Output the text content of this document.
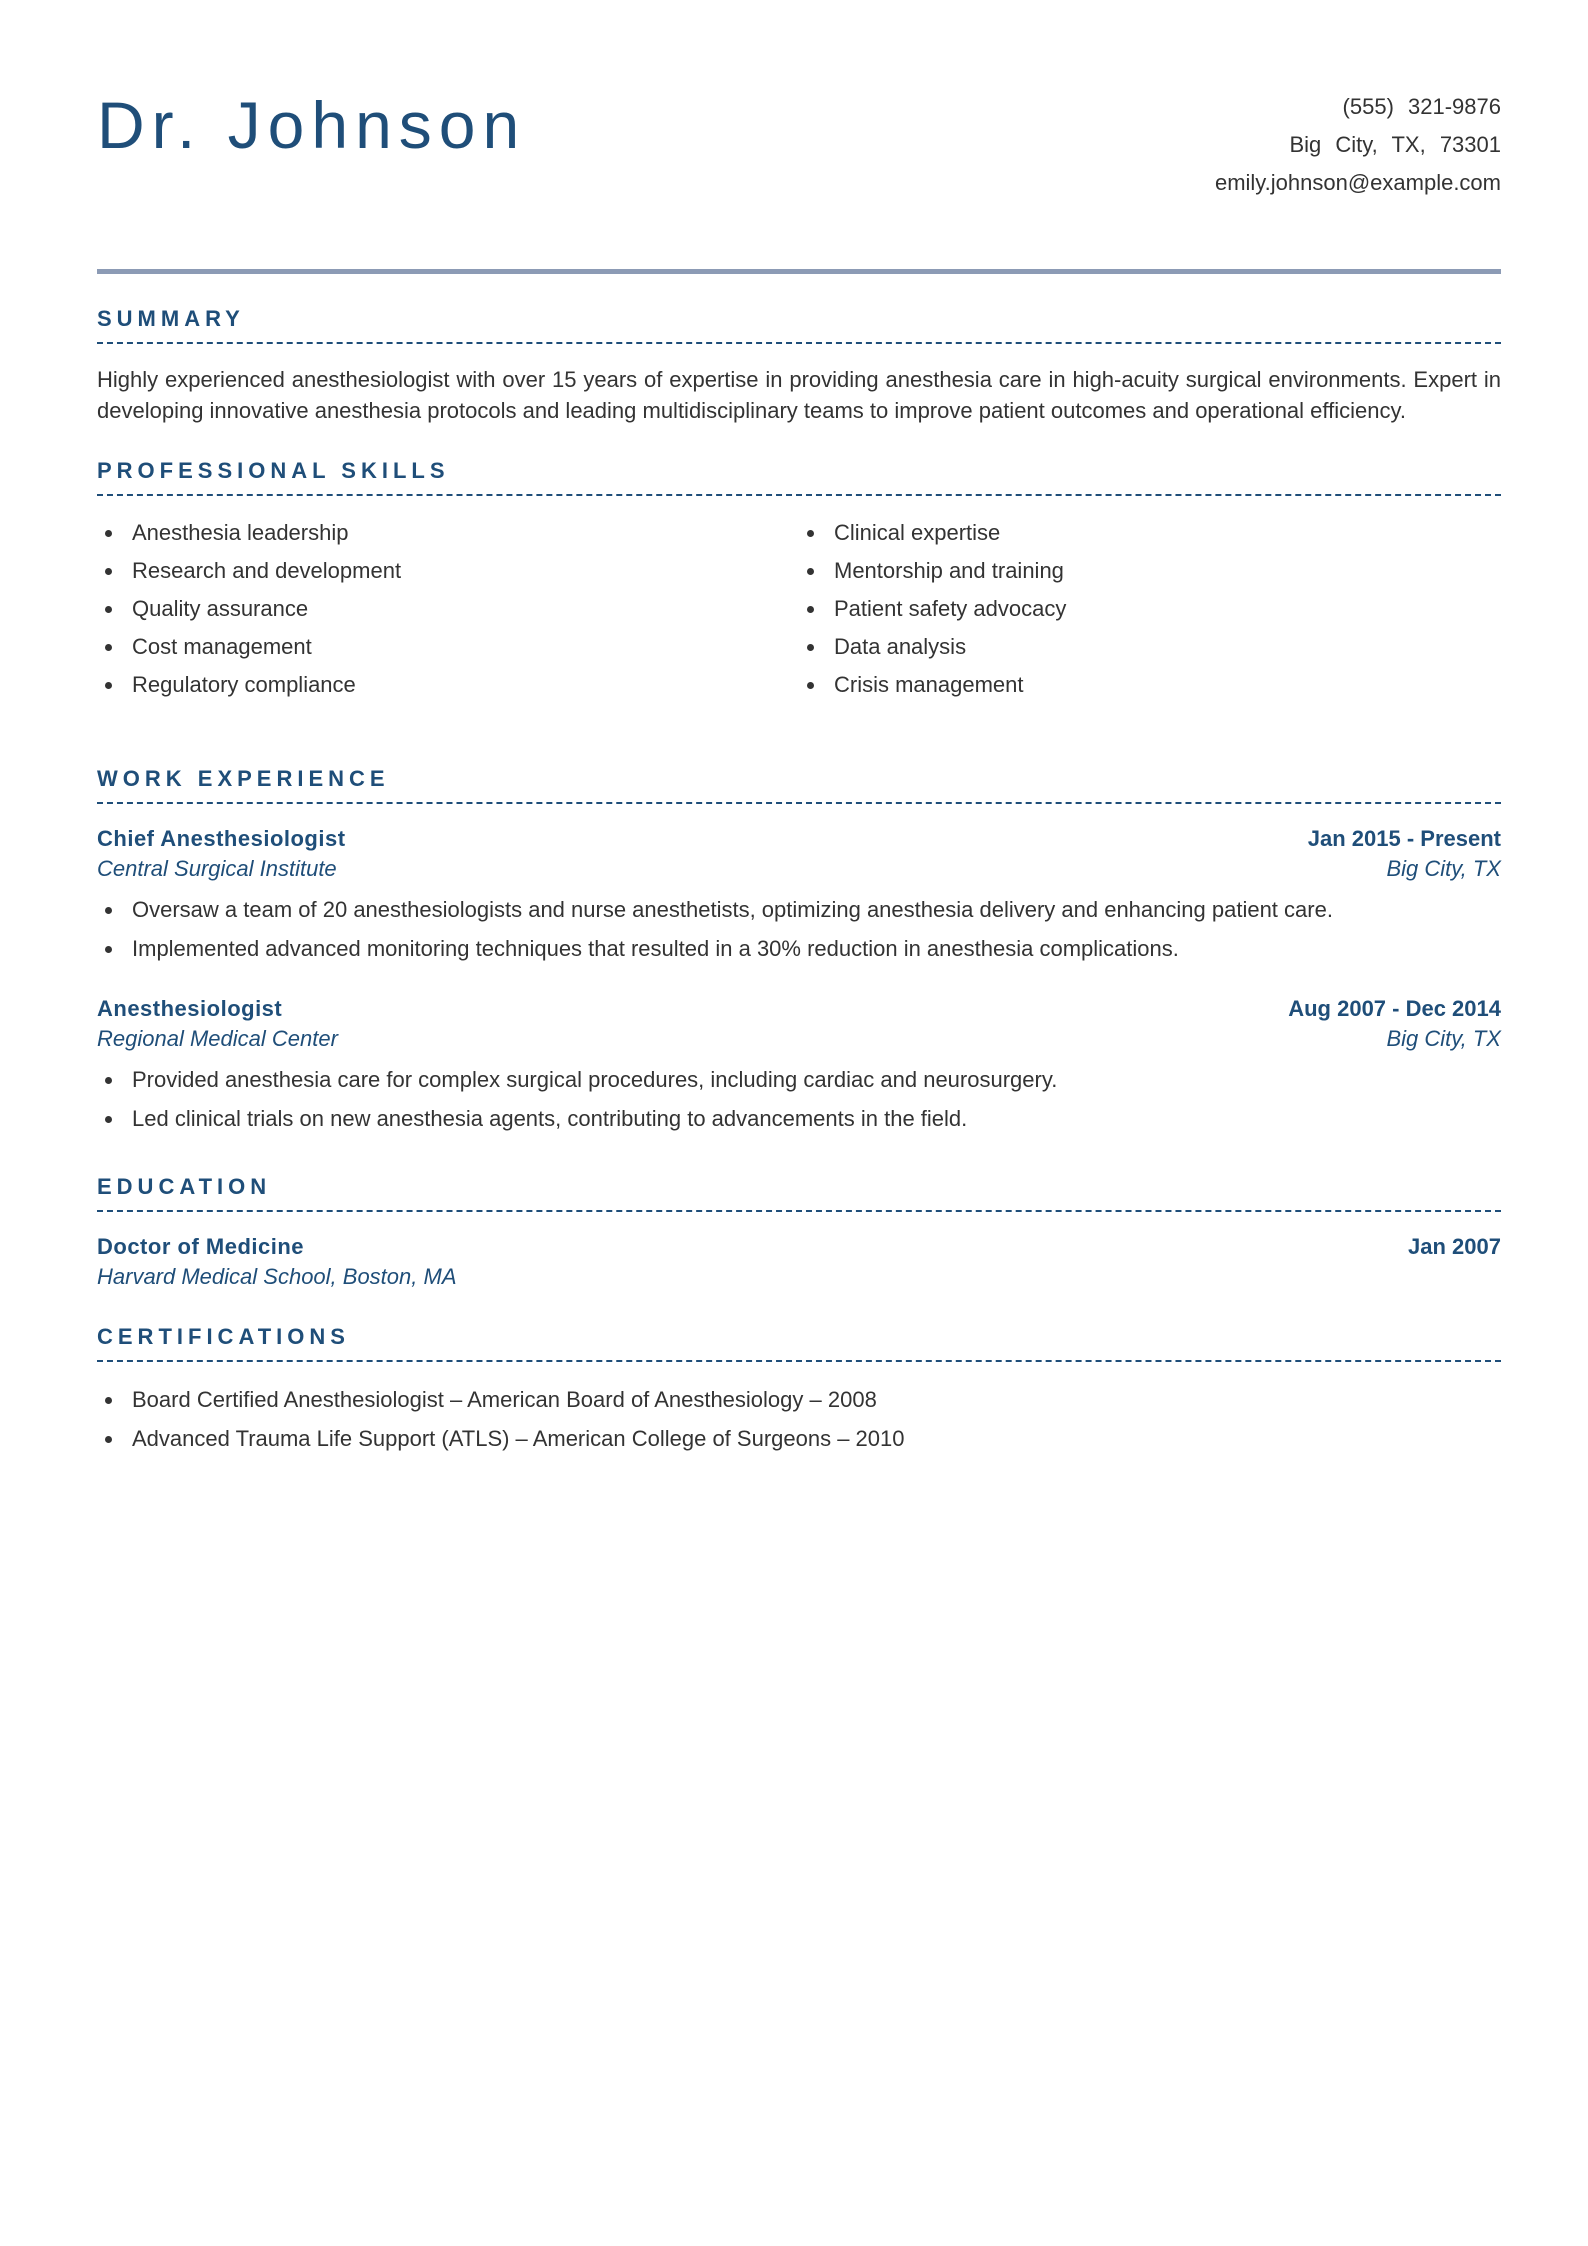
Dr. Johnson	(555) 321-9876
Big City, TX, 73301
emily.johnson@example.com
SUMMARY

Highly experienced anesthesiologist with over 15 years of expertise in providing anesthesia care in high-acuity surgical environments. Expert in developing innovative anesthesia protocols and leading multidisciplinary teams to improve patient outcomes and operational efficiency.

PROFESSIONAL SKILLS
Anesthesia leadership
Research and development
Quality assurance
Cost management
Regulatory compliance
Clinical expertise
Mentorship and training
Patient safety advocacy
Data analysis
Crisis management
WORK EXPERIENCE
Chief Anesthesiologist	Jan 2015 - Present
Central Surgical Institute	Big City, TX
Oversaw a team of 20 anesthesiologists and nurse anesthetists, optimizing anesthesia delivery and enhancing patient care.
Implemented advanced monitoring techniques that resulted in a 30% reduction in anesthesia complications.
Anesthesiologist	Aug 2007 - Dec 2014
Regional Medical Center	Big City, TX
Provided anesthesia care for complex surgical procedures, including cardiac and neurosurgery.
Led clinical trials on new anesthesia agents, contributing to advancements in the field.
EDUCATION
Doctor of Medicine	Jan 2007
Harvard Medical School, Boston, MA
CERTIFICATIONS
Board Certified Anesthesiologist – American Board of Anesthesiology – 2008
Advanced Trauma Life Support (ATLS) – American College of Surgeons – 2010
